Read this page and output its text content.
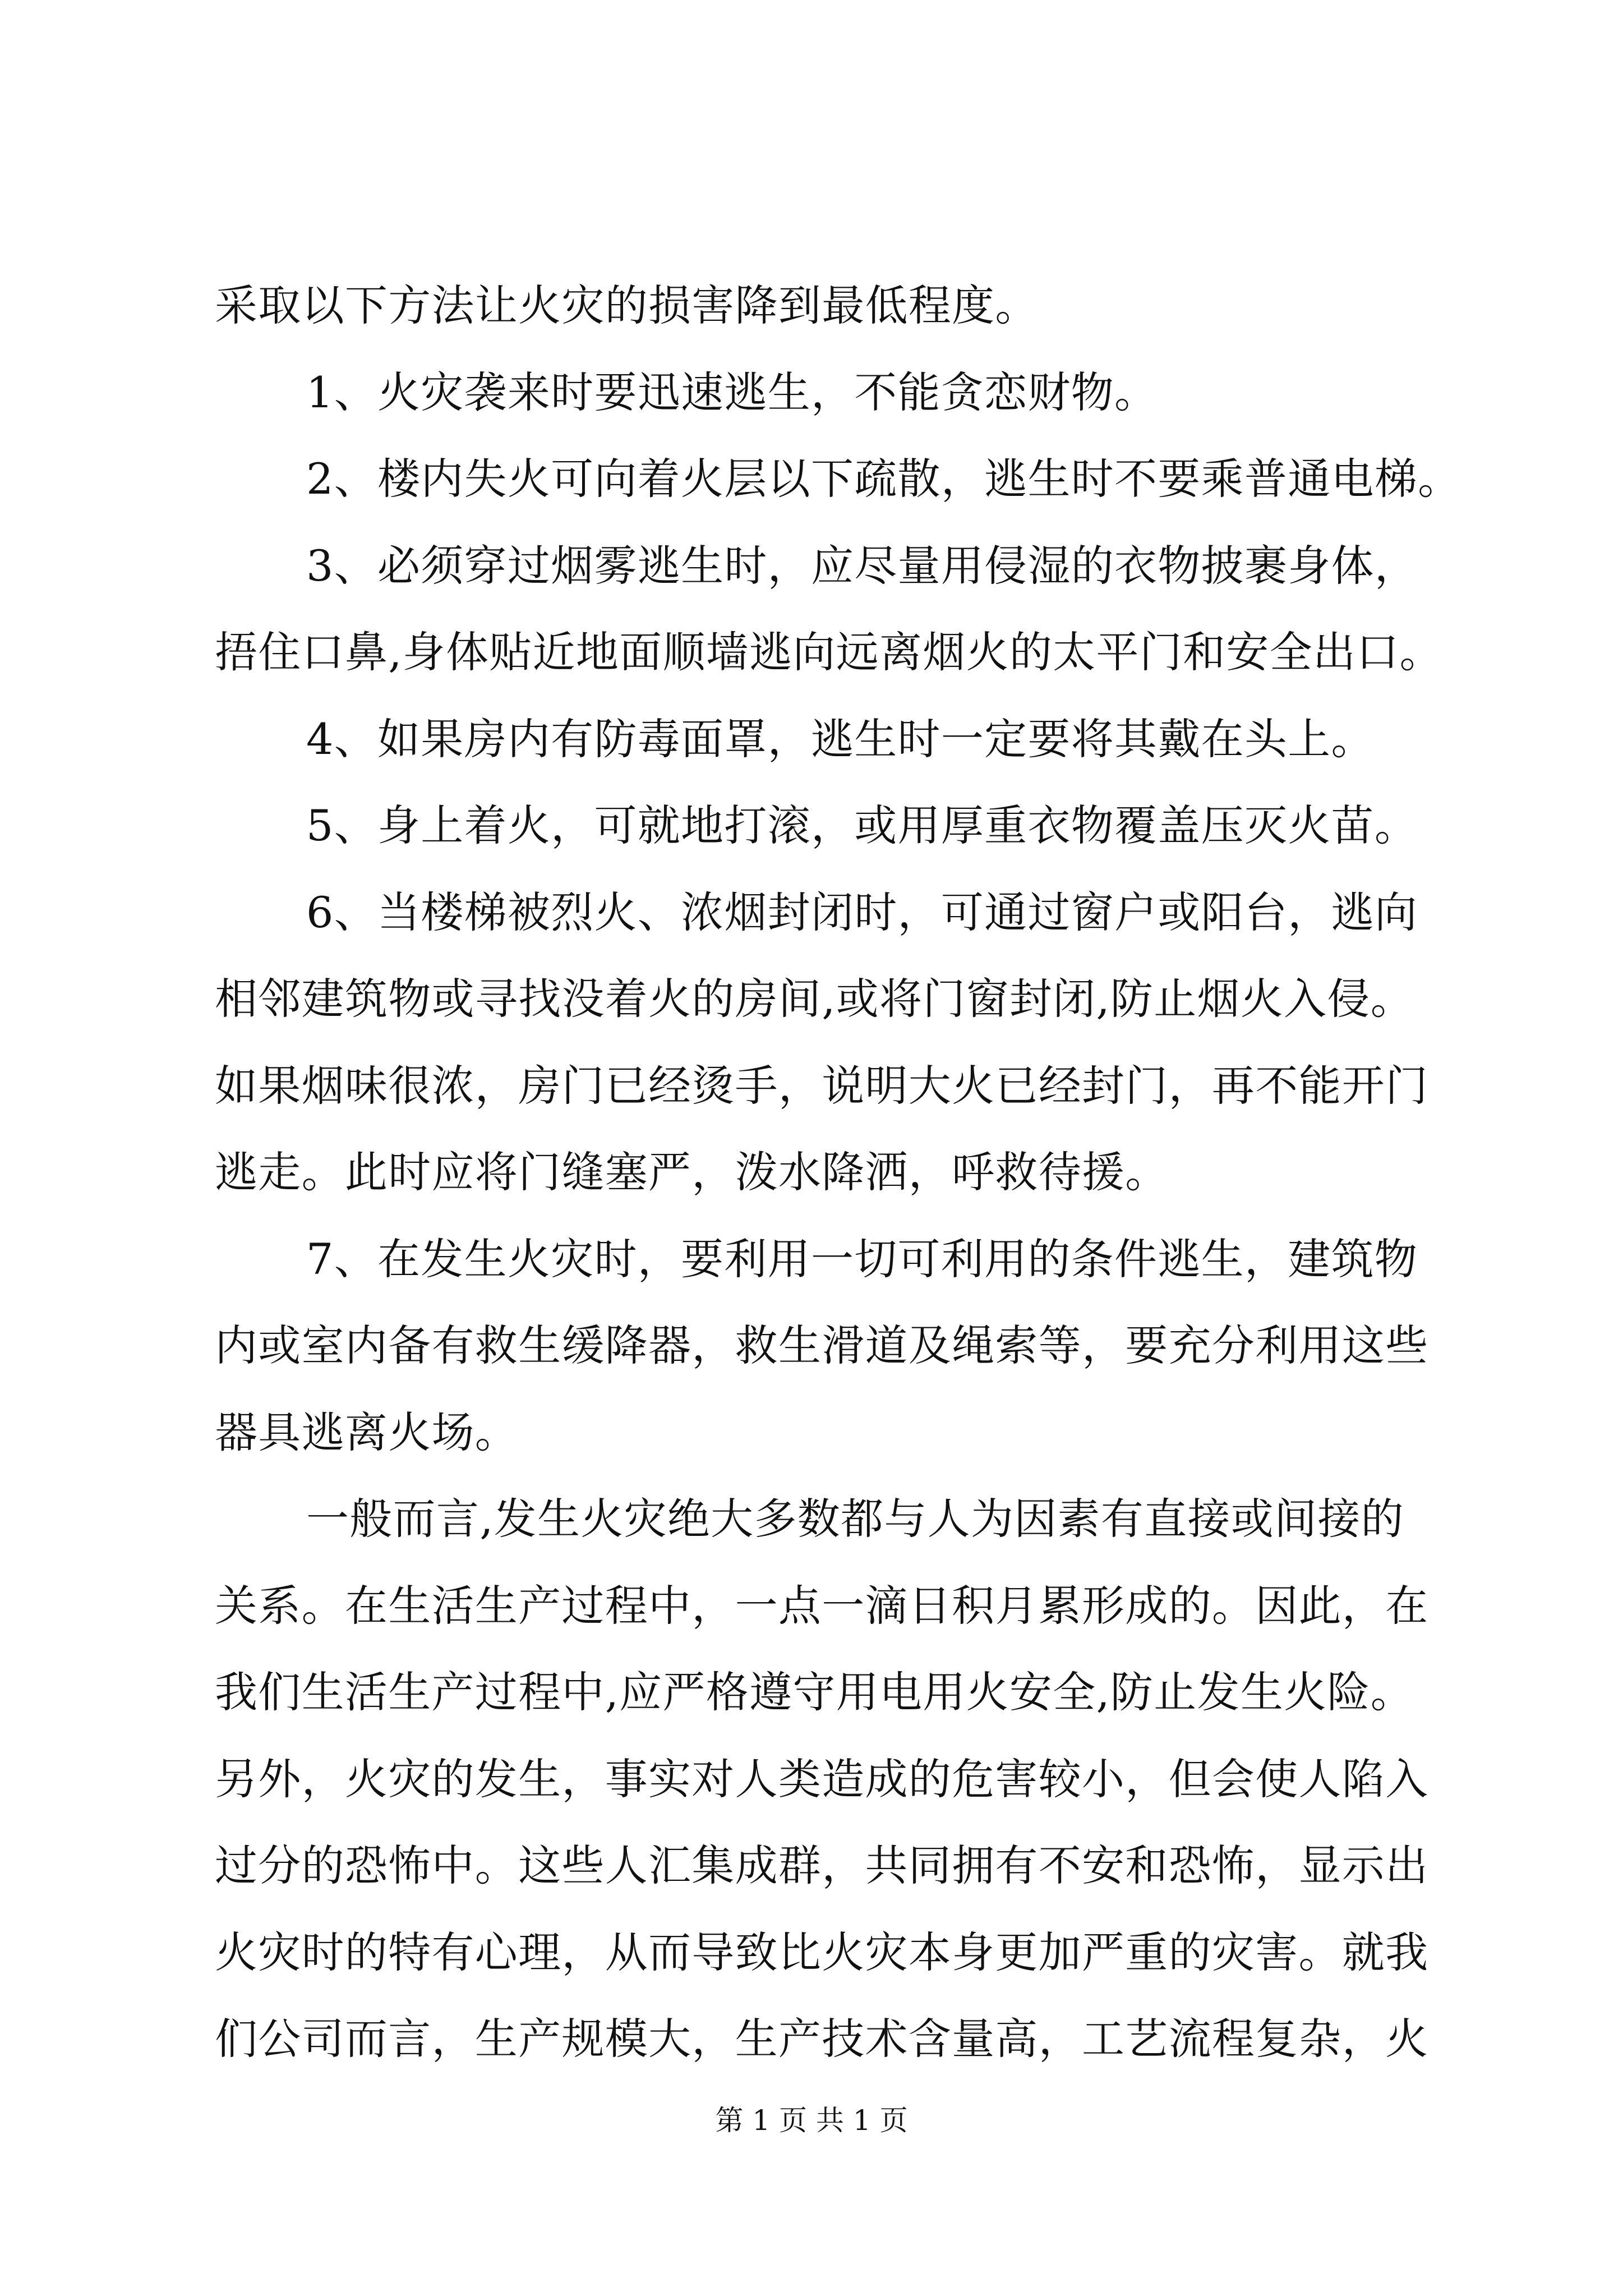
采取以下方法让火灾的损害降到最低程度。
1、火灾袭来时要迅速逃生，不能贪恋财物。
2、楼内失火可向着火层以下疏散，逃生时不要乘普通电梯。
3、必须穿过烟雾逃生时，应尽量用侵湿的衣物披裹身体，
捂住口鼻,身体贴近地面顺墙逃向远离烟火的太平门和安全出口。
4、如果房内有防毒面罩，逃生时一定要将其戴在头上。
5、身上着火，可就地打滚，或用厚重衣物覆盖压灭火苗。
6、当楼梯被烈火、浓烟封闭时，可通过窗户或阳台，逃向
相邻建筑物或寻找没着火的房间,或将门窗封闭,防止烟火入侵。
如果烟味很浓，房门已经烫手，说明大火已经封门，再不能开门
逃走。此时应将门缝塞严，泼水降洒，呼救待援。
7、在发生火灾时，要利用一切可利用的条件逃生，建筑物
内或室内备有救生缓降器，救生滑道及绳索等，要充分利用这些
器具逃离火场。
一般而言,发生火灾绝大多数都与人为因素有直接或间接的
关系。在生活生产过程中，一点一滴日积月累形成的。因此，在
我们生活生产过程中,应严格遵守用电用火安全,防止发生火险。
另外，火灾的发生，事实对人类造成的危害较小，但会使人陷入
过分的恐怖中。这些人汇集成群，共同拥有不安和恐怖，显示出
火灾时的特有心理，从而导致比火灾本身更加严重的灾害。就我
们公司而言，生产规模大，生产技术含量高，工艺流程复杂，火
第 1 页 共 1 页
